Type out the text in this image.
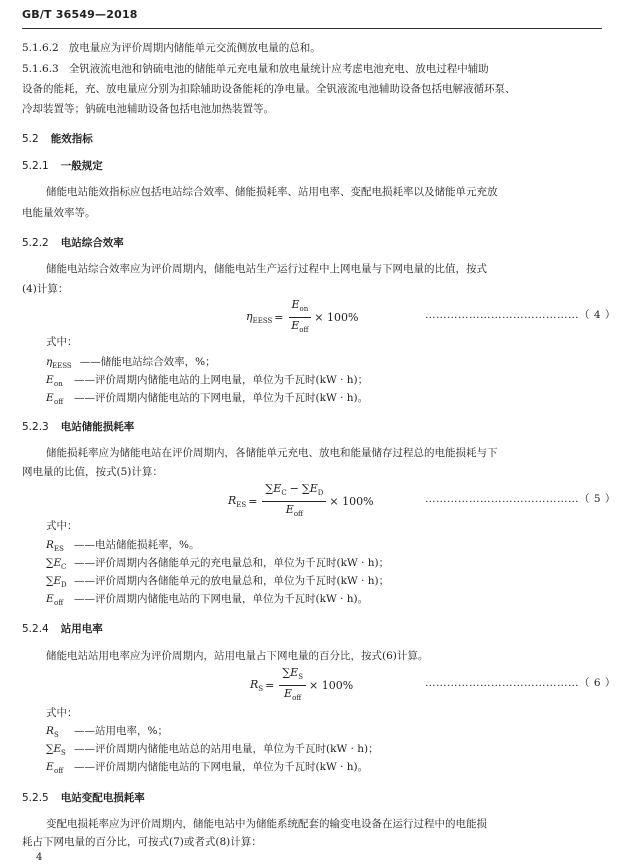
GB/T 36549—2018
5.1.6.2 放电量应为评价周期内储能单元交流侧放电量的总和。
5.1.6.3 全钒液流电池和钠硫电池的储能单元充电量和放电量统计应考虑电池充电、放电过程中辅助
设备的能耗，充、放电量应分别为扣除辅助设备能耗的净电量。全钒液流电池辅助设备包括电解液循环泵、
冷却装置等；钠硫电池辅助设备包括电池加热装置等。
5.2 能效指标
5.2.1 一般规定
储能电站能效指标应包括电站综合效率、储能损耗率、站用电率、变配电损耗率以及储能单元充放
电能量效率等。
5.2.2 电站综合效率
储能电站综合效率应为评价周期内，储能电站生产运行过程中上网电量与下网电量的比值，按式
(4)计算：
$\eta_{EESS} = \frac{E_{on}}{E_{off}} \times 100\%$	……………………………………（ 4 ）
式中：
$\eta_{EESS}$ ——储能电站综合效率，%；
Eon ——评价周期内储能电站的上网电量，单位为千瓦时(kW · h)；
Eoff ——评价周期内储能电站的下网电量，单位为千瓦时(kW · h)。
5.2.3 电站储能损耗率
储能损耗率应为储能电站在评价周期内，各储能单元充电、放电和能量储存过程总的电能损耗与下
网电量的比值，按式(5)计算：
$R_{ES} = \frac{\sum E_C - \sum E_D}{E_{off}} \times 100\%$	……………………………………（ 5 ）
式中：
RES ——电站储能损耗率，%。
∑EC ——评价周期内各储能单元的充电量总和，单位为千瓦时(kW · h)；
∑ED ——评价周期内各储能单元的放电量总和，单位为千瓦时(kW · h)；
Eoff ——评价周期内储能电站的下网电量，单位为千瓦时(kW · h)。
5.2.4 站用电率
储能电站站用电率应为评价周期内，站用电量占下网电量的百分比，按式(6)计算。
$R_S = \frac{\sum E_S}{E_{off}} \times 100\%$	……………………………………（ 6 ）
式中：
RS ——站用电率，%；
∑ES ——评价周期内储能电站总的站用电量，单位为千瓦时(kW · h)；
Eoff ——评价周期内储能电站的下网电量，单位为千瓦时(kW · h)。
5.2.5 电站变配电损耗率
变配电损耗率应为评价周期内，储能电站中为储能系统配套的输变电设备在运行过程中的电能损
耗占下网电量的百分比，可按式(7)或者式(8)计算：
4
